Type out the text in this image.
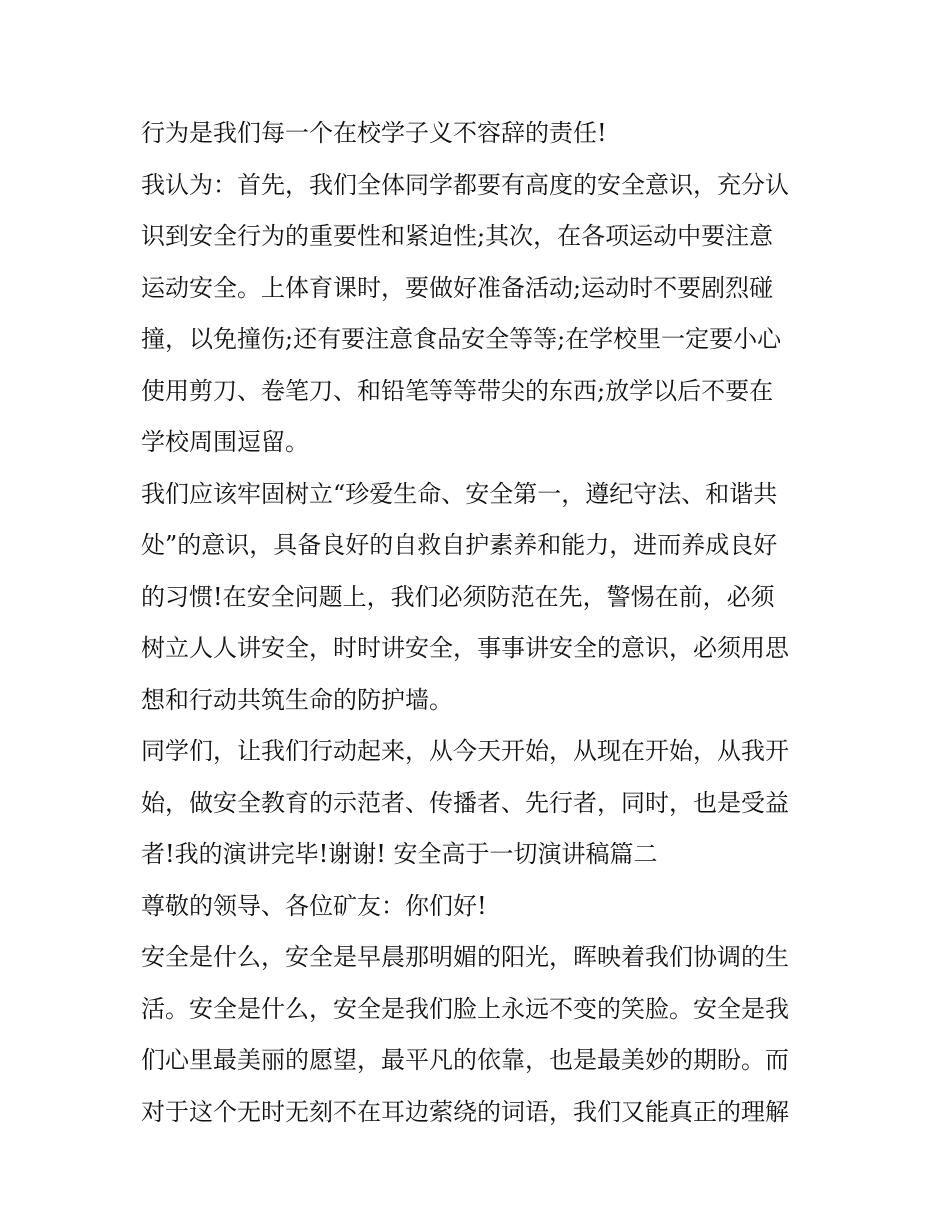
行为是我们每一个在校学子义不容辞的责任!
我认为：首先，我们全体同学都要有高度的安全意识，充分认
识到安全行为的重要性和紧迫性;其次，在各项运动中要注意
运动安全。上体育课时，要做好准备活动;运动时不要剧烈碰
撞，以免撞伤;还有要注意食品安全等等;在学校里一定要小心
使用剪刀、卷笔刀、和铅笔等等带尖的东西;放学以后不要在
学校周围逗留。
我们应该牢固树立“珍爱生命、安全第一，遵纪守法、和谐共
处”的意识，具备良好的自救自护素养和能力，进而养成良好
的习惯!在安全问题上，我们必须防范在先，警惕在前，必须
树立人人讲安全，时时讲安全，事事讲安全的意识，必须用思
想和行动共筑生命的防护墙。
同学们，让我们行动起来，从今天开始，从现在开始，从我开
始，做安全教育的示范者、传播者、先行者，同时，也是受益
者!我的演讲完毕!谢谢! 安全高于一切演讲稿篇二
尊敬的领导、各位矿友：你们好!
安全是什么，安全是早晨那明媚的阳光，晖映着我们协调的生
活。安全是什么，安全是我们脸上永远不变的笑脸。安全是我
们心里最美丽的愿望，最平凡的依靠，也是最美妙的期盼。而
对于这个无时无刻不在耳边萦绕的词语，我们又能真正的理解
